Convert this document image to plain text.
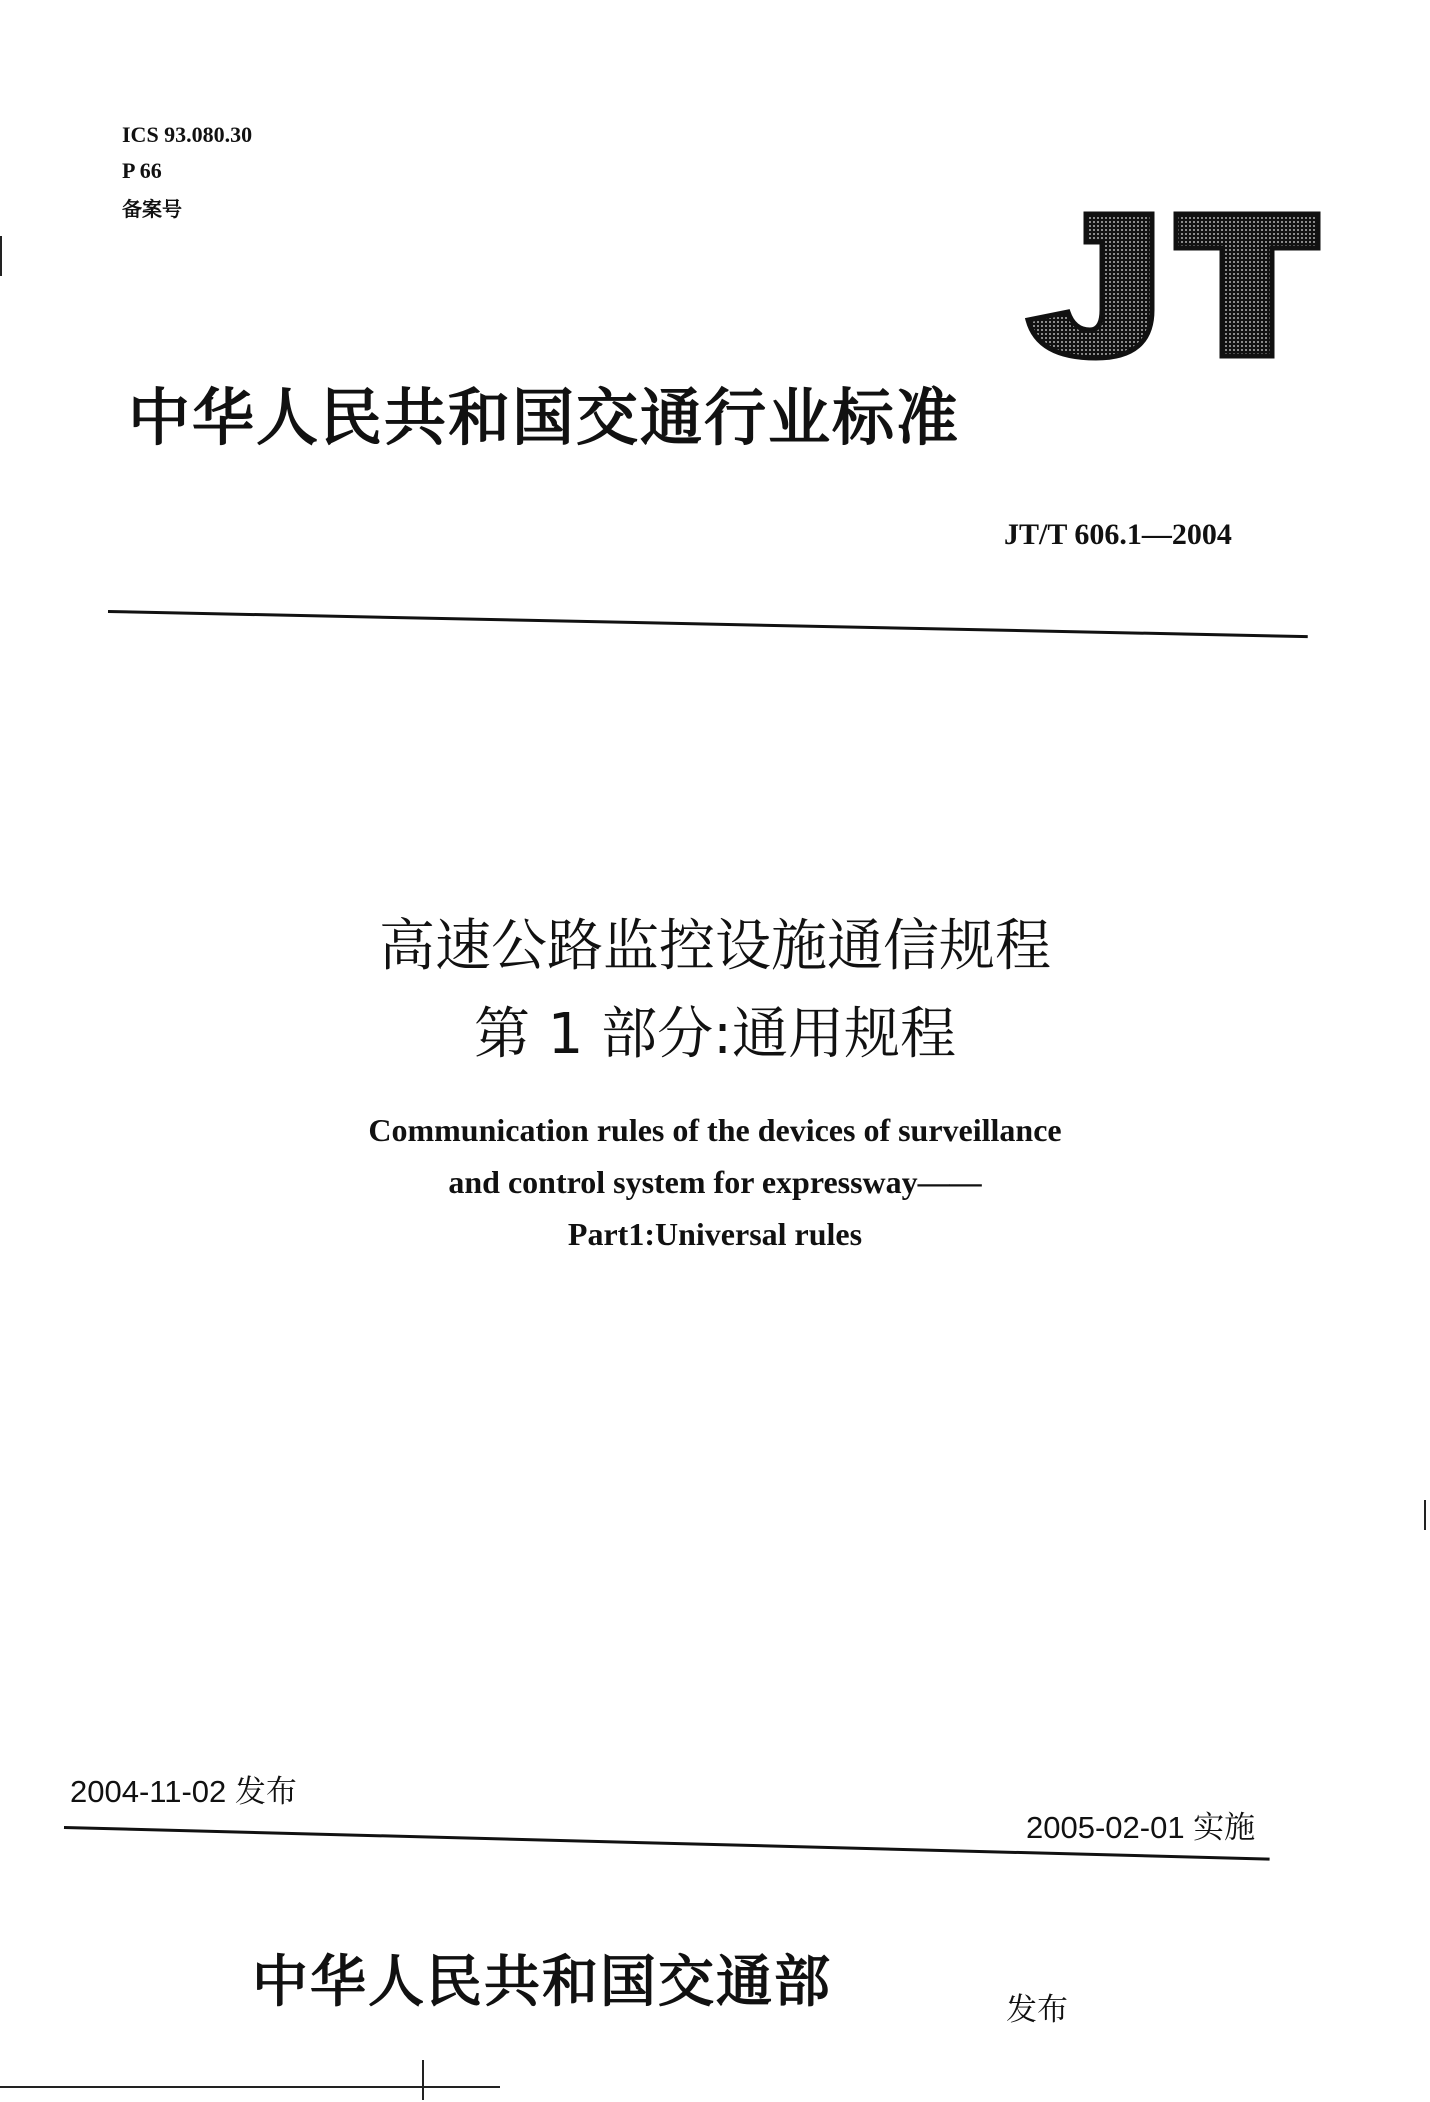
ICS 93.080.30
P 66
备案号
中华人民共和国交通行业标准
JT/T 606.1—2004
高速公路监控设施通信规程
第 1 部分:通用规程
Communication rules of the devices of surveillance
and control system for expressway——
Part1:Universal rules
2004-11-02 发布
2005-02-01 实施
中华人民共和国交通部	发布
